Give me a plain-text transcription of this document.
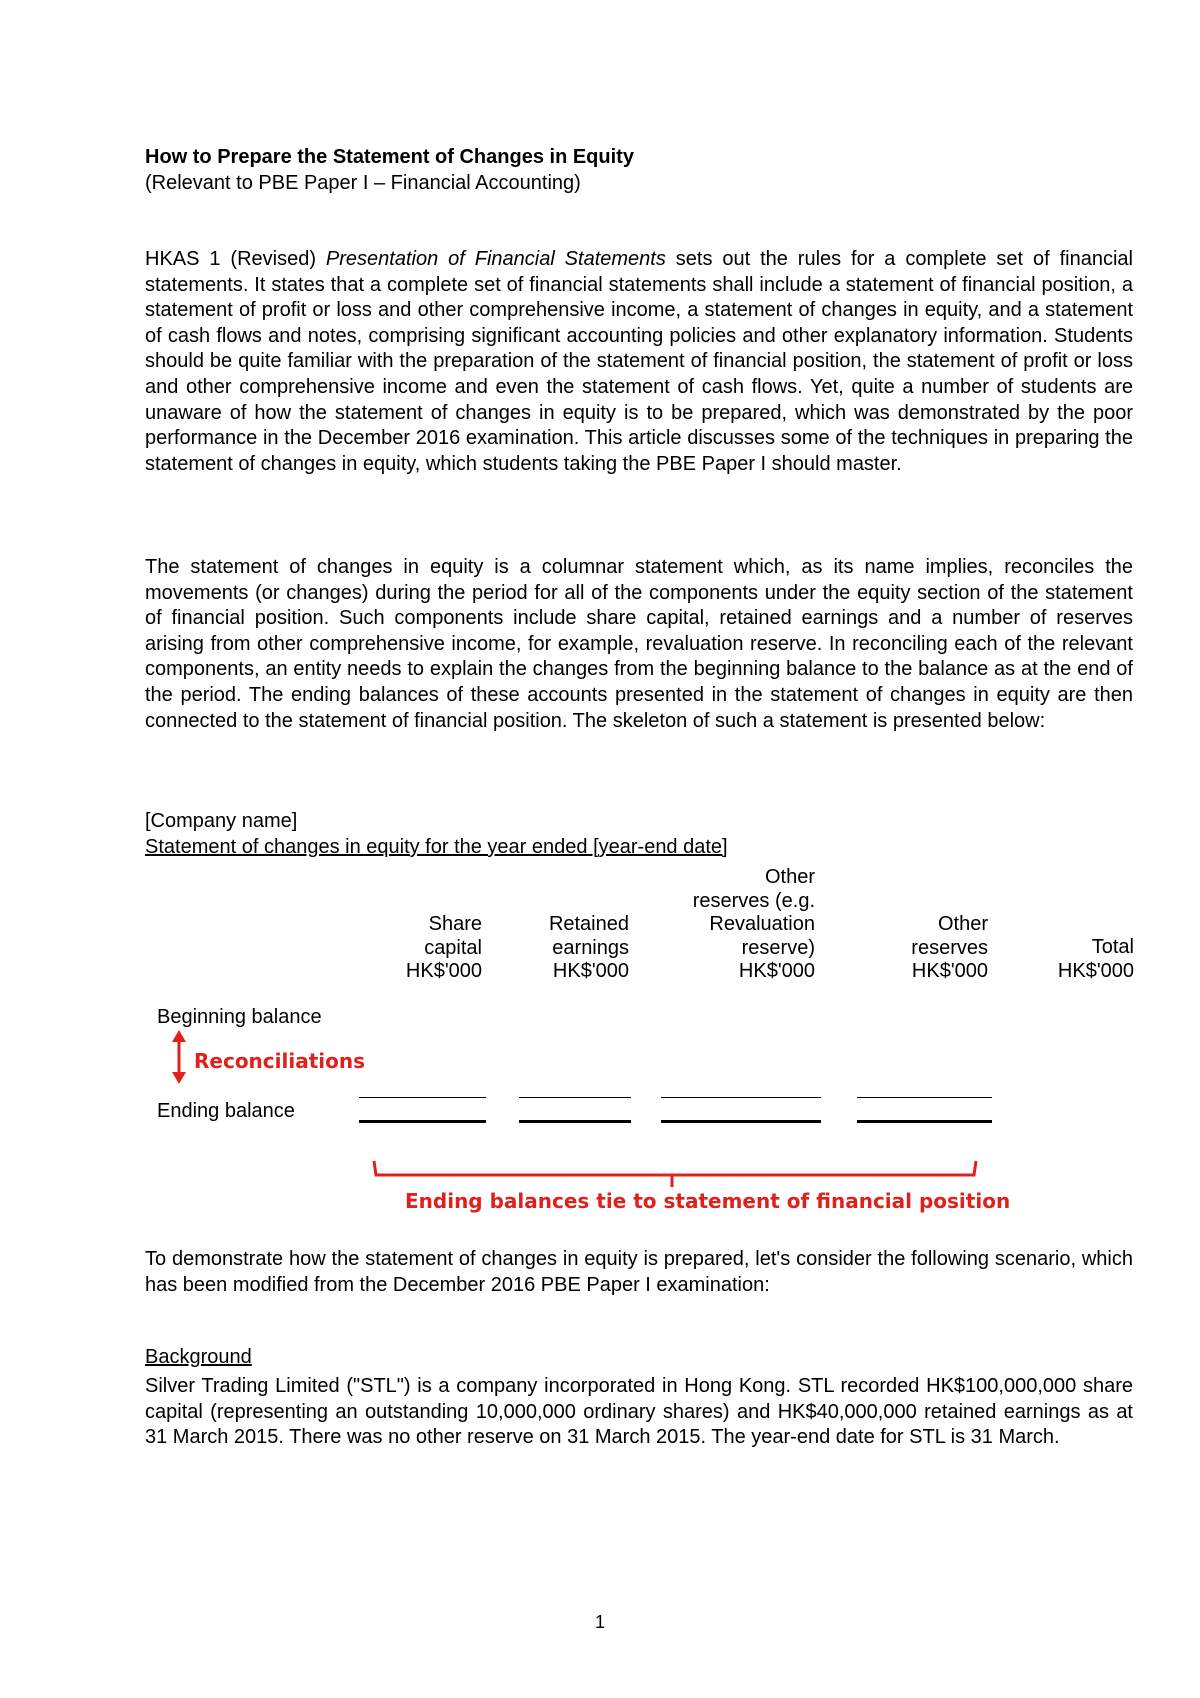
How to Prepare the Statement of Changes in Equity
(Relevant to PBE Paper I – Financial Accounting)
HKAS 1 (Revised) Presentation of Financial Statements sets out the rules for a complete set of financial statements. It states that a complete set of financial statements shall include a statement of financial position, a statement of profit or loss and other comprehensive income, a statement of changes in equity, and a statement of cash flows and notes, comprising significant accounting policies and other explanatory information. Students should be quite familiar with the preparation of the statement of financial position, the statement of profit or loss and other comprehensive income and even the statement of cash flows. Yet, quite a number of students are unaware of how the statement of changes in equity is to be prepared, which was demonstrated by the poor performance in the December 2016 examination. This article discusses some of the techniques in preparing the statement of changes in equity, which students taking the PBE Paper I should master.
The statement of changes in equity is a columnar statement which, as its name implies, reconciles the movements (or changes) during the period for all of the components under the equity section of the statement of financial position. Such components include share capital, retained earnings and a number of reserves arising from other comprehensive income, for example, revaluation reserve. In reconciling each of the relevant components, an entity needs to explain the changes from the beginning balance to the balance as at the end of the period. The ending balances of these accounts presented in the statement of changes in equity are then connected to the statement of financial position. The skeleton of such a statement is presented below:
[Company name]
Statement of changes in equity for the year ended [year-end date]
Share
capital
HK$'000
Retained
earnings
HK$'000
Other
reserves (e.g.
Revaluation
reserve)
HK$'000
Other
reserves
HK$'000
Total
HK$'000
Beginning balance
Ending balance
Reconciliations
Ending balances tie to statement of financial position
To demonstrate how the statement of changes in equity is prepared, let's consider the following scenario, which has been modified from the December 2016 PBE Paper I examination:
Background
Silver Trading Limited ("STL") is a company incorporated in Hong Kong. STL recorded HK$100,000,000 share capital (representing an outstanding 10,000,000 ordinary shares) and HK$40,000,000 retained earnings as at 31 March 2015. There was no other reserve on 31 March 2015. The year-end date for STL is 31 March.
1
